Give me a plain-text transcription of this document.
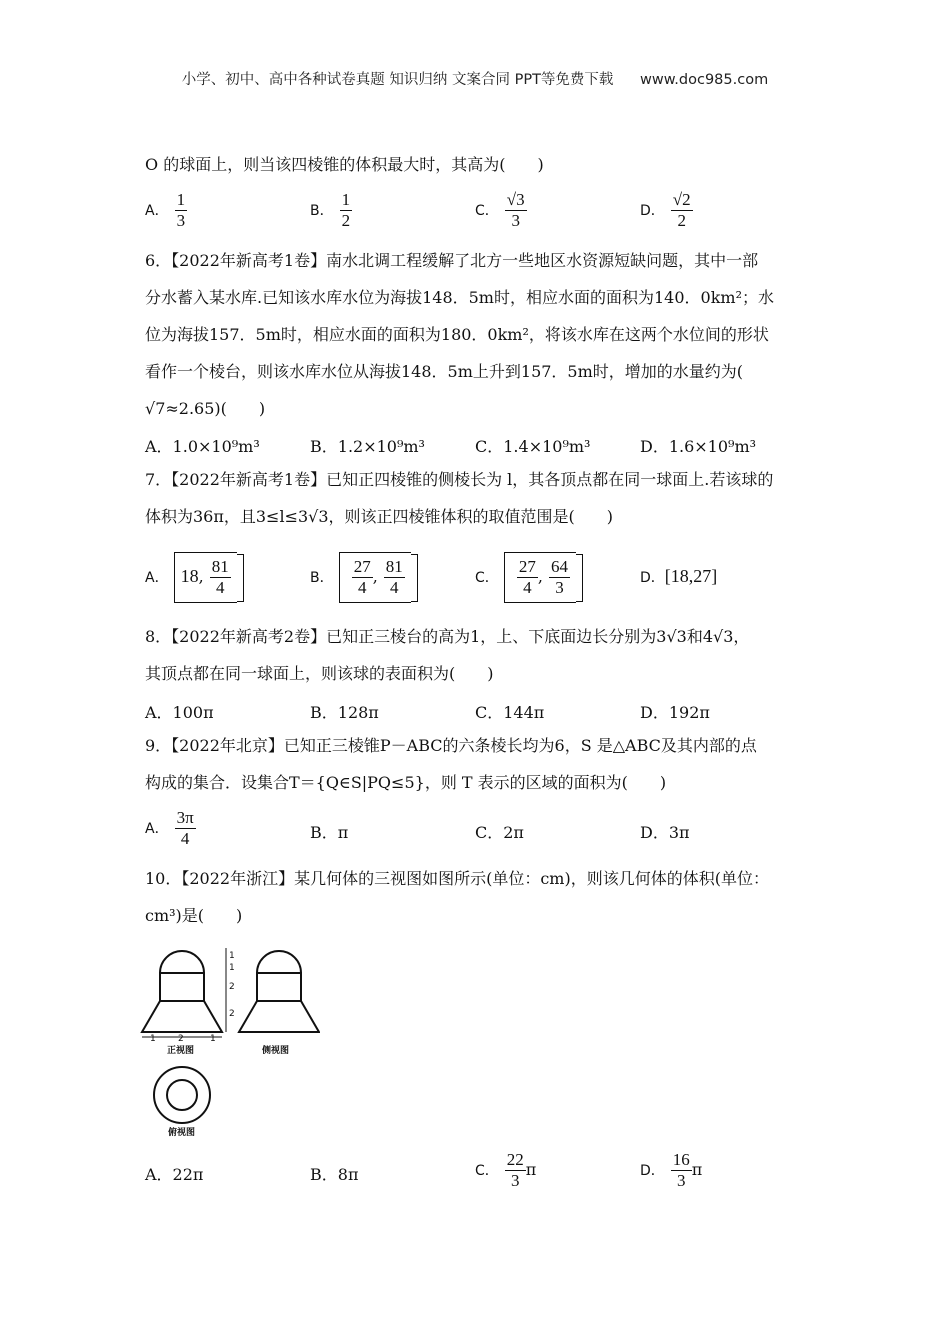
小学、初中、高中各种试卷真题 知识归纳 文案合同 PPT等免费下载 www.doc985.com
O 的球面上，则当该四棱锥的体积最大时，其高为(　　)
A． $\frac{1}{3}$	B． $\frac{1}{2}$	C． $\frac{√3}{3}$	D． $\frac{√2}{2}$
6．【2022年新高考1卷】南水北调工程缓解了北方一些地区水资源短缺问题，其中一部
分水蓄入某水库.已知该水库水位为海拔148．5m时，相应水面的面积为140．0km²；水
位为海拔157．5m时，相应水面的面积为180．0km²，将该水库在这两个水位间的形状
看作一个棱台，则该水库水位从海拔148．5m上升到157．5m时，增加的水量约为(
√7≈2.65)(　　)
A．1.0×10⁹m³	B．1.2×10⁹m³	C．1.4×10⁹m³	D．1.6×10⁹m³
7．【2022年新高考1卷】已知正四棱锥的侧棱长为 l，其各顶点都在同一球面上.若该球的
体积为36π，且3≤l≤3√3，则该正四棱锥体积的取值范围是(　　)
A． 18, $\frac{81}{4}$	B． $\frac{27}{4}$ , $\frac{81}{4}$	C． $\frac{27}{4}$ , $\frac{64}{3}$	D．[18,27]
8．【2022年新高考2卷】已知正三棱台的高为1，上、下底面边长分别为3√3和4√3，
其顶点都在同一球面上，则该球的表面积为(　　)
A．100π	B．128π	C．144π	D．192π
9．【2022年北京】已知正三棱锥P－ABC的六条棱长均为6，S 是△ABC及其内部的点
构成的集合．设集合T＝{Q∈S|PQ≤5}，则 T 表示的区域的面积为(　　)
A． $\frac{3\pi}{4}$	B．π	C．2π	D．3π
10．【2022年浙江】某几何体的三视图如图所示(单位：cm)，则该几何体的体积(单位：
cm³)是(　　)
1 2	1
1
1
2
2
正视图	侧视图
俯视图
A．22π	B．8π	C． $\frac{22}{3}$ π	D． $\frac{16}{3}$ π
